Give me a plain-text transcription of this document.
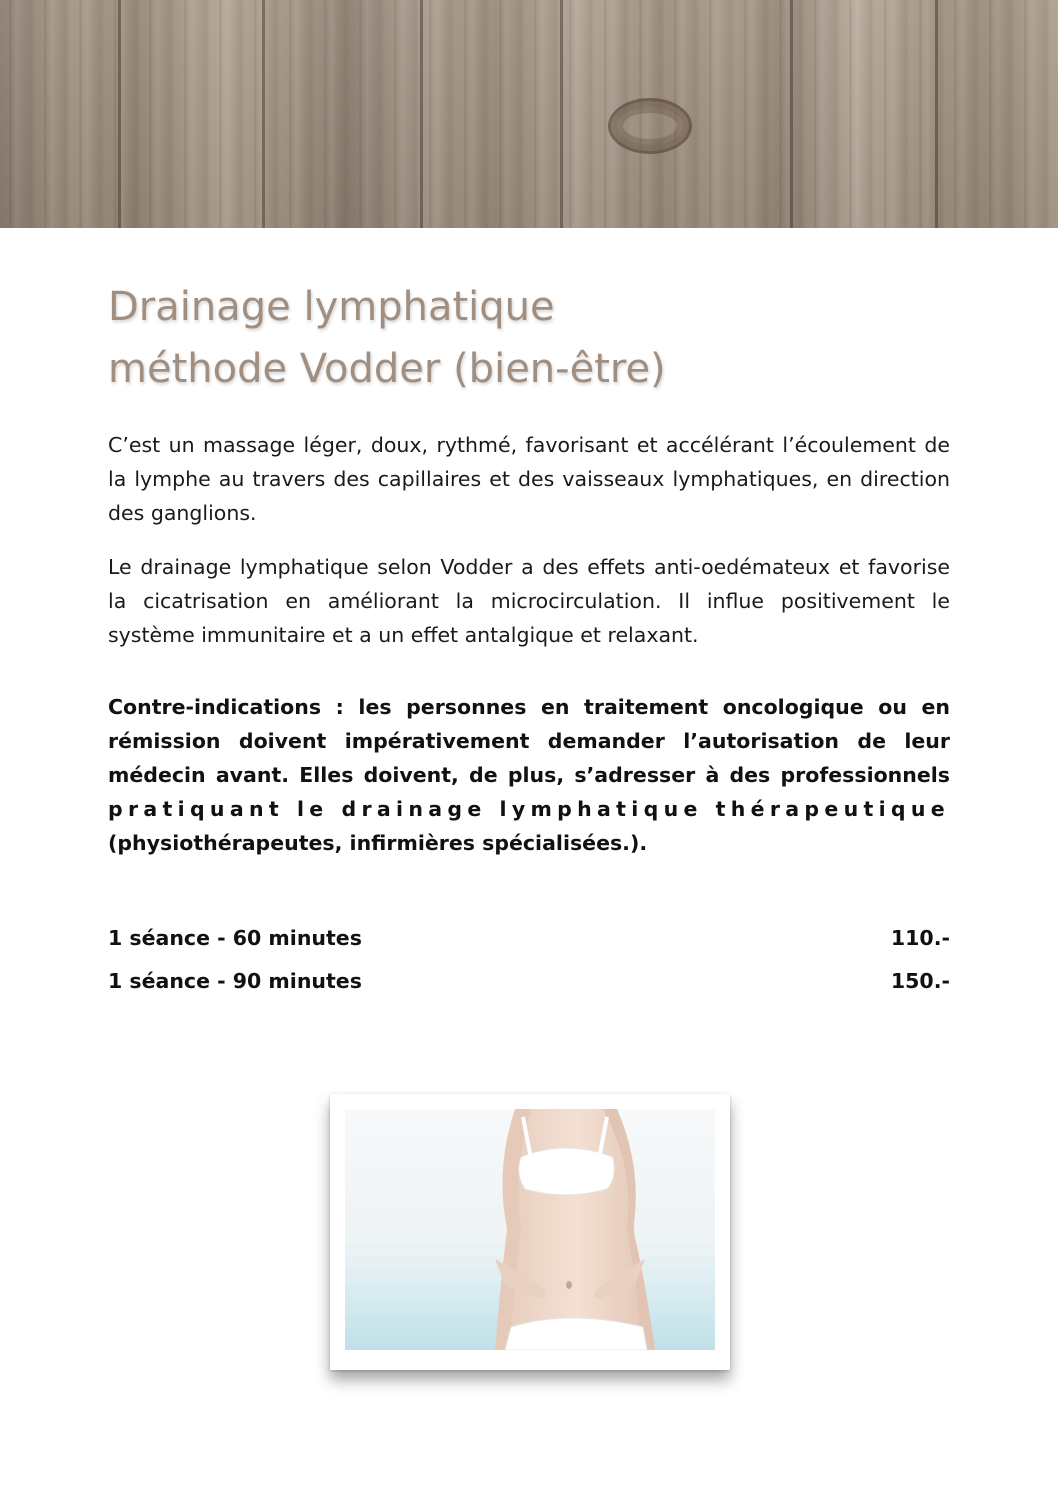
Drainage lymphatique
méthode Vodder (bien-être)

C’est un massage léger, doux, rythmé, favorisant et accélérant l’écoulement de la lymphe au travers des capillaires et des vaisseaux lymphatiques, en direction des ganglions.

Le drainage lymphatique selon Vodder a des effets anti-oedémateux et favorise la cicatrisation en améliorant la microcirculation. Il influe positivement le système immunitaire et a un effet antalgique et relaxant.

Contre-indications : les personnes en traitement oncologique ou en rémission doivent impérativement demander l’autorisation de leur médecin avant. Elles doivent, de plus, s’adresser à des professionnels pratiquant le drainage lymphatique thérapeutique (physiothérapeutes, infirmières spécialisées.).

1 séance - 60 minutes	110.-
1 séance - 90 minutes	150.-
